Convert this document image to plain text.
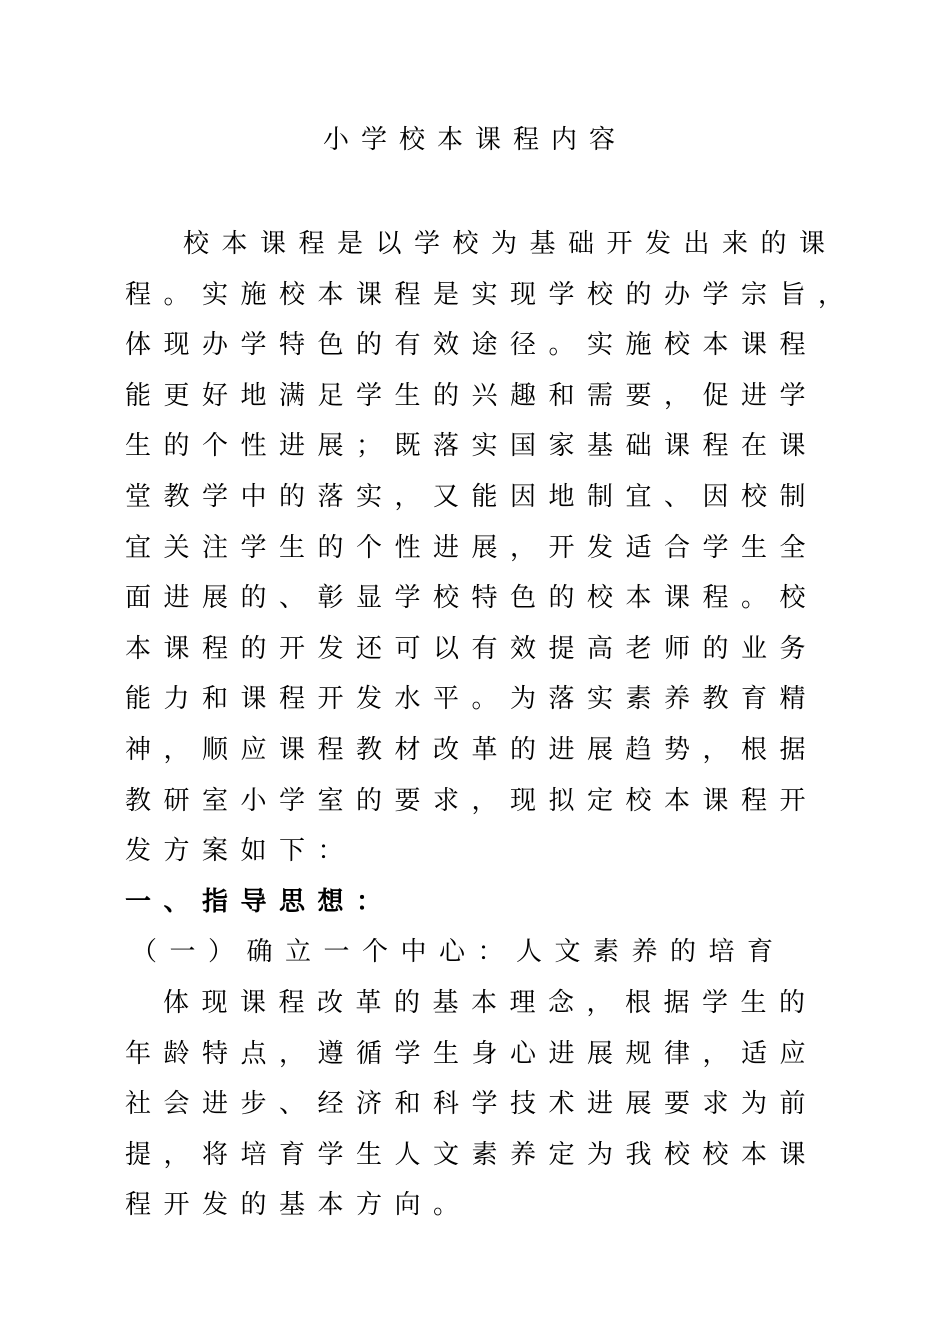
小学校本课程内容
校本课程是以学校为基础开发出来的课
程。实施校本课程是实现学校的办学宗旨，
体现办学特色的有效途径。实施校本课程
能更好地满足学生的兴趣和需要，促进学
生的个性进展；既落实国家基础课程在课
堂教学中的落实，又能因地制宜、因校制
宜关注学生的个性进展，开发适合学生全
面进展的、彰显学校特色的校本课程。校
本课程的开发还可以有效提高老师的业务
能力和课程开发水平。为落实素养教育精
神，顺应课程教材改革的进展趋势，根据
教研室小学室的要求，现拟定校本课程开
发方案如下：
一、指导思想：
（一）确立一个中心：人文素养的培育
体现课程改革的基本理念，根据学生的
年龄特点，遵循学生身心进展规律，适应
社会进步、经济和科学技术进展要求为前
提，将培育学生人文素养定为我校校本课
程开发的基本方向。
